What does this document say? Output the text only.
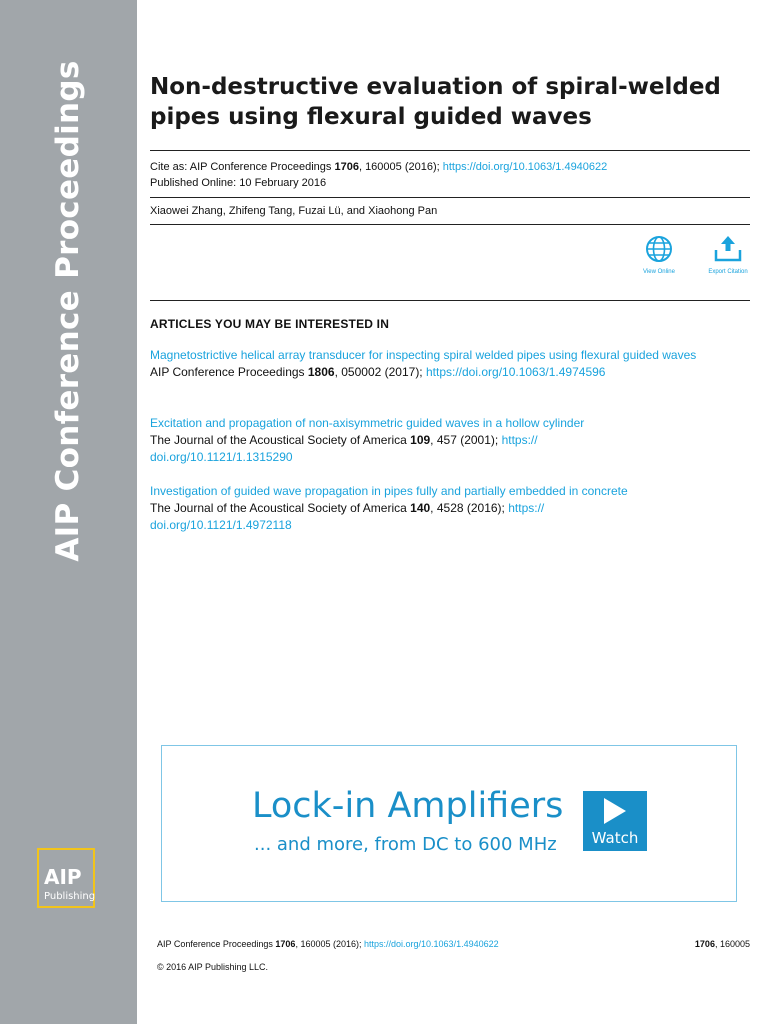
AIP Conference Proceedings
AIP
Publishing
Non-destructive evaluation of spiral-welded pipes using flexural guided waves
Cite as: AIP Conference Proceedings 1706, 160005 (2016); https://doi.org/10.1063/1.4940622
Published Online: 10 February 2016
Xiaowei Zhang, Zhifeng Tang, Fuzai Lü, and Xiaohong Pan
View Online	Export Citation
ARTICLES YOU MAY BE INTERESTED IN
Magnetostrictive helical array transducer for inspecting spiral welded pipes using flexural guided waves
AIP Conference Proceedings 1806, 050002 (2017); https://doi.org/10.1063/1.4974596
Excitation and propagation of non-axisymmetric guided waves in a hollow cylinder
The Journal of the Acoustical Society of America 109, 457 (2001); https://
doi.org/10.1121/1.1315290
Investigation of guided wave propagation in pipes fully and partially embedded in concrete
The Journal of the Acoustical Society of America 140, 4528 (2016); https://
doi.org/10.1121/1.4972118
Lock-in Amplifiers
... and more, from DC to 600 MHz	Watch
AIP Conference Proceedings 1706, 160005 (2016); https://doi.org/10.1063/1.4940622	1706, 160005
© 2016 AIP Publishing LLC.
